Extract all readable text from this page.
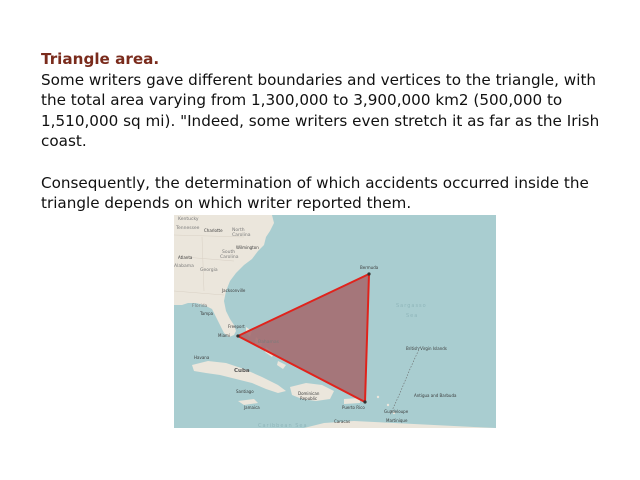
Triangle area.

Some writers gave different boundaries and vertices to the triangle, with the total area varying from 1,300,000 to 3,900,000 km2 (500,000 to 1,510,000 sq mi). "Indeed, some writers even stretch it as far as the Irish coast.

Consequently, the determination of which accidents occurred inside the triangle depends on which writer reported them.

Kentucky
Tennessee	North
Carolina
Charlotte
Wilmington
South
Carolina
Atlanta
Georgia
Alabama
Jacksonville
Florida
Tampa
Freeport
Miami
Bahamas
Havana
Cuba
Santiago
Jamaica
Dominican
Republic
Puerto Rico
Bermuda
Sargasso
Sea
British Virgin Islands
Antigua and Barbuda
Guadeloupe
Martinique
Caribbean Sea
Caracas
